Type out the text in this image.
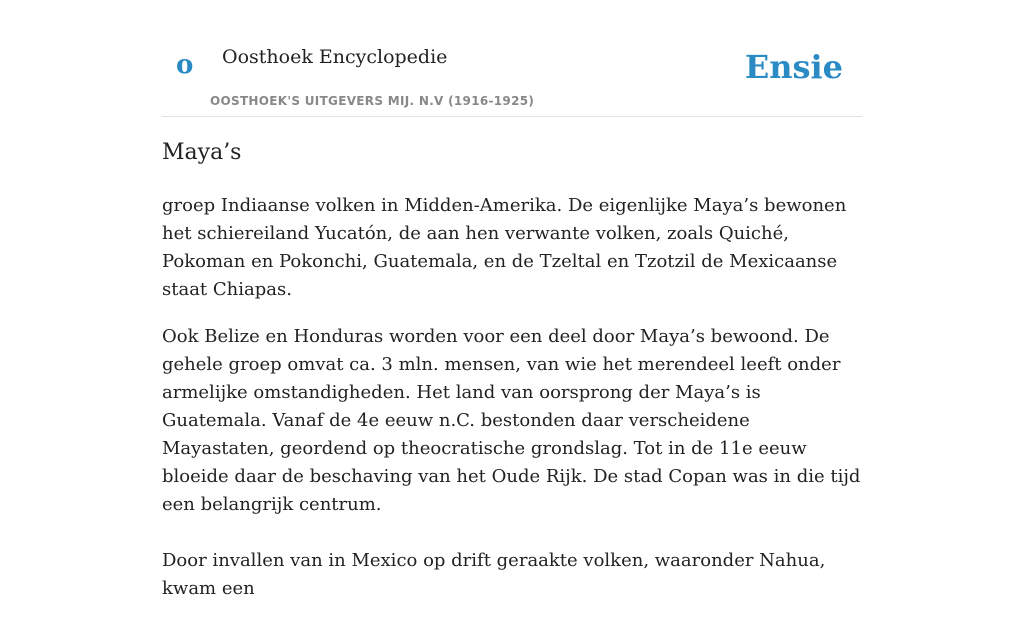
o Oosthoek Encyclopedie
OOSTHOEK'S UITGEVERS MIJ. N.V (1916-1925)
Ensie
Maya’s

groep Indiaanse volken in Midden-Amerika. De eigenlijke Maya’s bewonen het schiereiland Yucatón, de aan hen verwante volken, zoals Quiché, Pokoman en Pokonchi, Guatemala, en de Tzeltal en Tzotzil de Mexicaanse staat Chiapas.

Ook Belize en Honduras worden voor een deel door Maya’s bewoond. De gehele groep omvat ca. 3 mln. mensen, van wie het merendeel leeft onder armelijke omstandigheden. Het land van oorsprong der Maya’s is Guatemala. Vanaf de 4e eeuw n.C. bestonden daar verscheidene Mayastaten, geordend op theocratische grondslag. Tot in de 11e eeuw bloeide daar de beschaving van het Oude Rijk. De stad Copan was in die tijd een belangrijk centrum.

Door invallen van in Mexico op drift geraakte volken, waaronder Nahua, kwam een
